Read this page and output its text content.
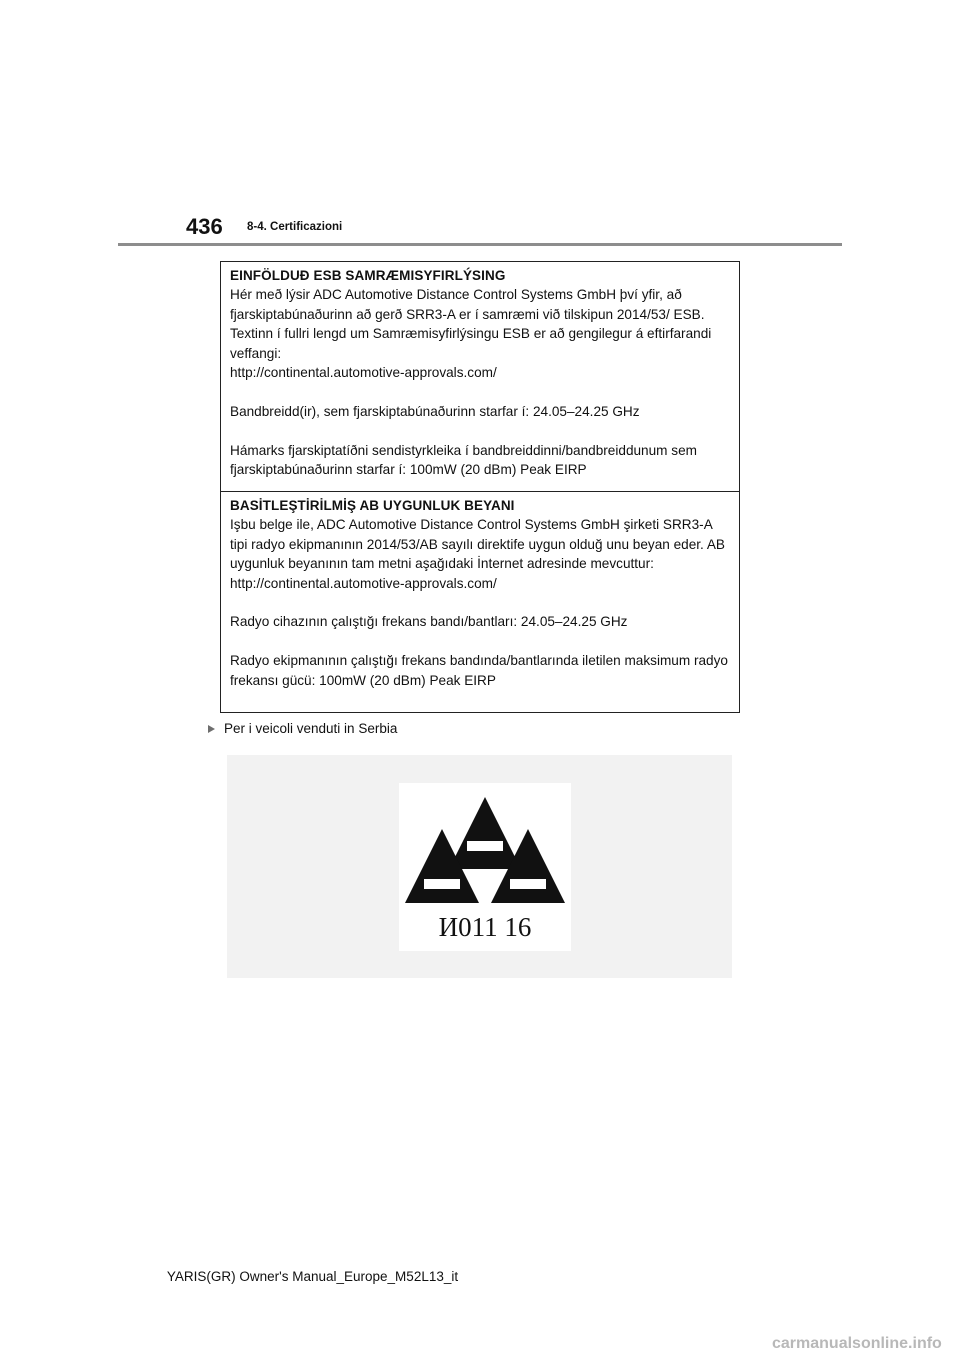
436 8-4. Certificazioni
EINFÖLDUÐ ESB SAMRÆMISYFIRLÝSING

Hér með lýsir ADC Automotive Distance Control Systems GmbH því yfir, að fjarskiptabúnaðurinn að gerð SRR3-A er í samræmi við tilskipun 2014/53/ ESB. Textinn í fullri lengd um Samræmisyfirlýsingu ESB er að gengilegur á eftirfarandi veffangi:

http://continental.automotive-approvals.com/

Bandbreidd(ir), sem fjarskiptabúnaðurinn starfar í: 24.05–24.25 GHz

Hámarks fjarskiptatíðni sendistyrkleika í bandbreiddinni/bandbreiddunum sem fjarskiptabúnaðurinn starfar í: 100mW (20 dBm) Peak EIRP

BASİTLEŞTİRİLMİŞ AB UYGUNLUK BEYANI

Işbu belge ile, ADC Automotive Distance Control Systems GmbH şirketi SRR3-A tipi radyo ekipmanının 2014/53/AB sayılı direktife uygun olduğ unu beyan eder. AB uygunluk beyanının tam metni aşağıdaki İnternet adresinde mevcuttur:

http://continental.automotive-approvals.com/

Radyo cihazının çalıştığı frekans bandı/bantları: 24.05–24.25 GHz

Radyo ekipmanının çalıştığı frekans bandında/bantlarında iletilen maksimum radyo frekansı gücü: 100mW (20 dBm) Peak EIRP

Per i veicoli venduti in Serbia
И011 16
YARIS(GR) Owner's Manual_Europe_M52L13_it
carmanualsonline.info
